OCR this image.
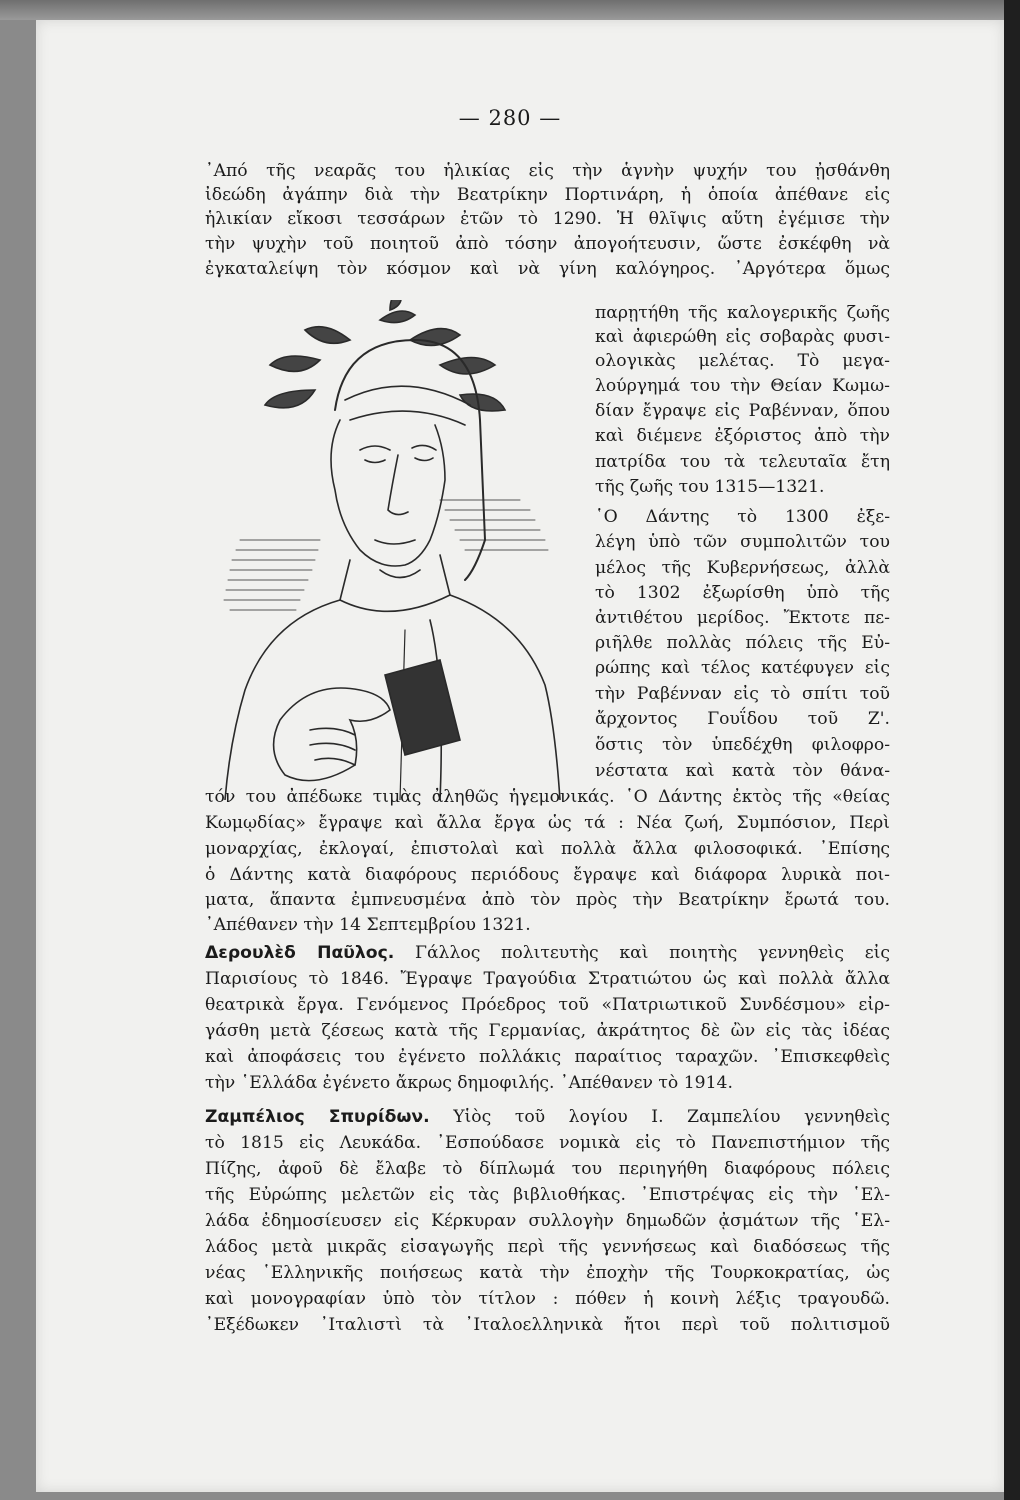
— 280 —

᾿Από τῆς νεαρᾶς του ἡλικίας εἰς τὴν ἁγνὴν ψυχήν του ᾐσθάνθη

ἰδεώδη ἀγάπην διὰ τὴν Βεατρίκην Πορτινάρη, ἡ ὁποία ἀπέθανε εἰς

ἡλικίαν εἴκοσι τεσσάρων ἐτῶν τὸ 1290. Ἡ θλῖψις αὕτη ἐγέμισε τὴν

τὴν ψυχὴν τοῦ ποιητοῦ ἀπὸ τόσην ἀπογοήτευσιν, ὥστε ἐσκέφθη νὰ

ἐγκαταλείψη τὸν κόσμον καὶ νὰ γίνη καλόγηρος. ᾿Αργότερα ὅμως

παρῃτήθη τῆς καλογερικῆς ζωῆς

καὶ ἀφιερώθη εἰς σοβαρὰς φυσι-

ολογικὰς μελέτας. Τὸ μεγα-

λούργημά του τὴν Θείαν Κωμω-

δίαν ἔγραψε εἰς Ραβένναν, ὅπου

καὶ διέμενε ἐξόριστος ἀπὸ τὴν

πατρίδα του τὰ τελευταῖα ἔτη

τῆς ζωῆς του 1315—1321.

῾Ο Δάντης τὸ 1300 ἐξε-

λέγη ὑπὸ τῶν συμπολιτῶν του

μέλος τῆς Κυβερνήσεως, ἀλλὰ

τὸ 1302 ἐξωρίσθη ὑπὸ τῆς

ἀντιθέτου μερίδος. Ἔκτοτε πε-

ριῆλθε πολλὰς πόλεις τῆς Εὐ-

ρώπης καὶ τέλος κατέφυγεν εἰς

τὴν Ραβένναν εἰς τὸ σπίτι τοῦ

ἄρχοντος Γουΐδου τοῦ Ζ'.

ὅστις τὸν ὑπεδέχθη φιλοφρο-

νέστατα καὶ κατὰ τὸν θάνα-

τόν του ἀπέδωκε τιμὰς ἀληθῶς ἡγεμονικάς. ῾Ο Δάντης ἐκτὸς τῆς «θείας

Κωμῳδίας» ἔγραψε καὶ ἄλλα ἔργα ὡς τά : Νέα ζωή, Συμπόσιον, Περὶ

μοναρχίας, ἐκλογαί, ἐπιστολαὶ καὶ πολλὰ ἄλλα φιλοσοφικά. ᾿Επίσης

ὁ Δάντης κατὰ διαφόρους περιόδους ἔγραψε καὶ διάφορα λυρικὰ ποι-

ματα, ἅπαντα ἐμπνευσμένα ἀπὸ τὸν πρὸς τὴν Βεατρίκην ἔρωτά του.

᾿Απέθανεν τὴν 14 Σεπτεμβρίου 1321.

Δερουλὲδ Παῦλος. Γάλλος πολιτευτὴς καὶ ποιητὴς γεννηθεὶς εἰς

Παρισίους τὸ 1846. Ἔγραψε Τραγούδια Στρατιώτου ὡς καὶ πολλὰ ἄλλα

θεατρικὰ ἔργα. Γενόμενος Πρόεδρος τοῦ «Πατριωτικοῦ Συνδέσμου» εἰρ-

γάσθη μετὰ ζέσεως κατὰ τῆς Γερμανίας, ἀκράτητος δὲ ὢν εἰς τὰς ἰδέας

καὶ ἀποφάσεις του ἐγένετο πολλάκις παραίτιος ταραχῶν. ᾿Επισκεφθεὶς

τὴν ῾Ελλάδα ἐγένετο ἄκρως δημοφιλής. ᾿Απέθανεν τὸ 1914.

Ζαμπέλιος Σπυρίδων. Υἱὸς τοῦ λογίου Ι. Ζαμπελίου γεννηθεὶς

τὸ 1815 εἰς Λευκάδα. ᾿Εσπούδασε νομικὰ εἰς τὸ Πανεπιστήμιον τῆς

Πίζης, ἀφοῦ δὲ ἔλαβε τὸ δίπλωμά του περιηγήθη διαφόρους πόλεις

τῆς Εὐρώπης μελετῶν εἰς τὰς βιβλιοθήκας. ᾿Επιστρέψας εἰς τὴν ῾Ελ-

λάδα ἐδημοσίευσεν εἰς Κέρκυραν συλλογὴν δημωδῶν ᾀσμάτων τῆς ῾Ελ-

λάδος μετὰ μικρᾶς εἰσαγωγῆς περὶ τῆς γεννήσεως καὶ διαδόσεως τῆς

νέας ῾Ελληνικῆς ποιήσεως κατὰ τὴν ἐποχὴν τῆς Τουρκοκρατίας, ὡς

καὶ μονογραφίαν ὑπὸ τὸν τίτλον : πόθεν ἡ κοινὴ λέξις τραγουδῶ.

᾿Εξέδωκεν ᾿Ιταλιστὶ τὰ ᾿Ιταλοελληνικὰ ἤτοι περὶ τοῦ πολιτισμοῦ
